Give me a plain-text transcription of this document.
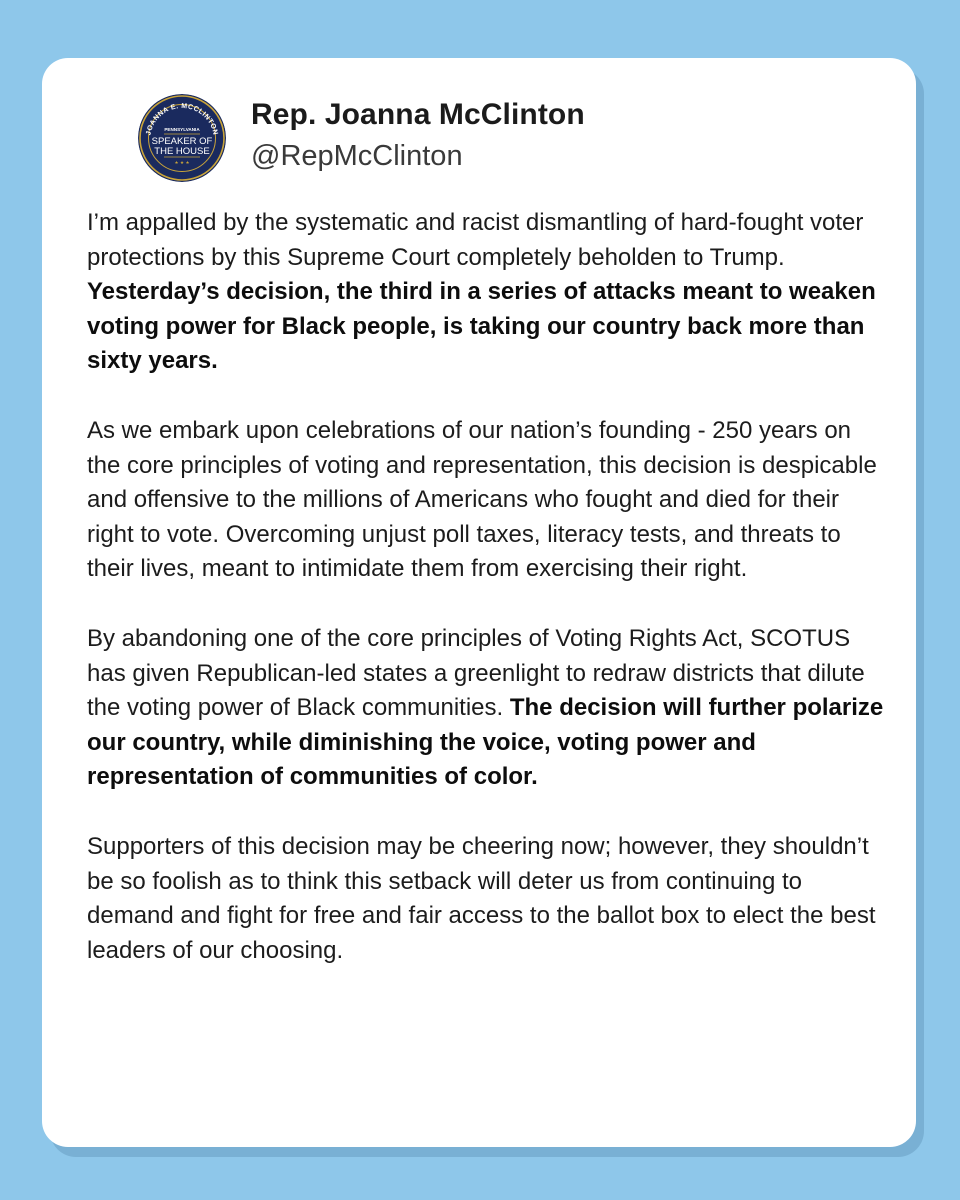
JOANNA E. MCCLINTON
PENNSYLVANIA
SPEAKER OF
THE HOUSE
★ ★ ★
Rep. Joanna McClinton
@RepMcClinton

I’m appalled by the systematic and racist dismantling of hard-fought voter protections by this Supreme Court completely beholden to Trump. Yesterday’s decision, the third in a series of attacks meant to weaken voting power for Black people, is taking our country back more than sixty years.

As we embark upon celebrations of our nation’s founding - 250 years on the core principles of voting and representation, this decision is despicable and offensive to the millions of Americans who fought and died for their right to vote. Overcoming unjust poll taxes, literacy tests, and threats to their lives, meant to intimidate them from exercising their right.

By abandoning one of the core principles of Voting Rights Act, SCOTUS has given Republican-led states a greenlight to redraw districts that dilute the voting power of Black communities. The decision will further polarize our country, while diminishing the voice, voting power and representation of communities of color.

Supporters of this decision may be cheering now; however, they shouldn’t be so foolish as to think this setback will deter us from continuing to demand and fight for free and fair access to the ballot box to elect the best leaders of our choosing.
